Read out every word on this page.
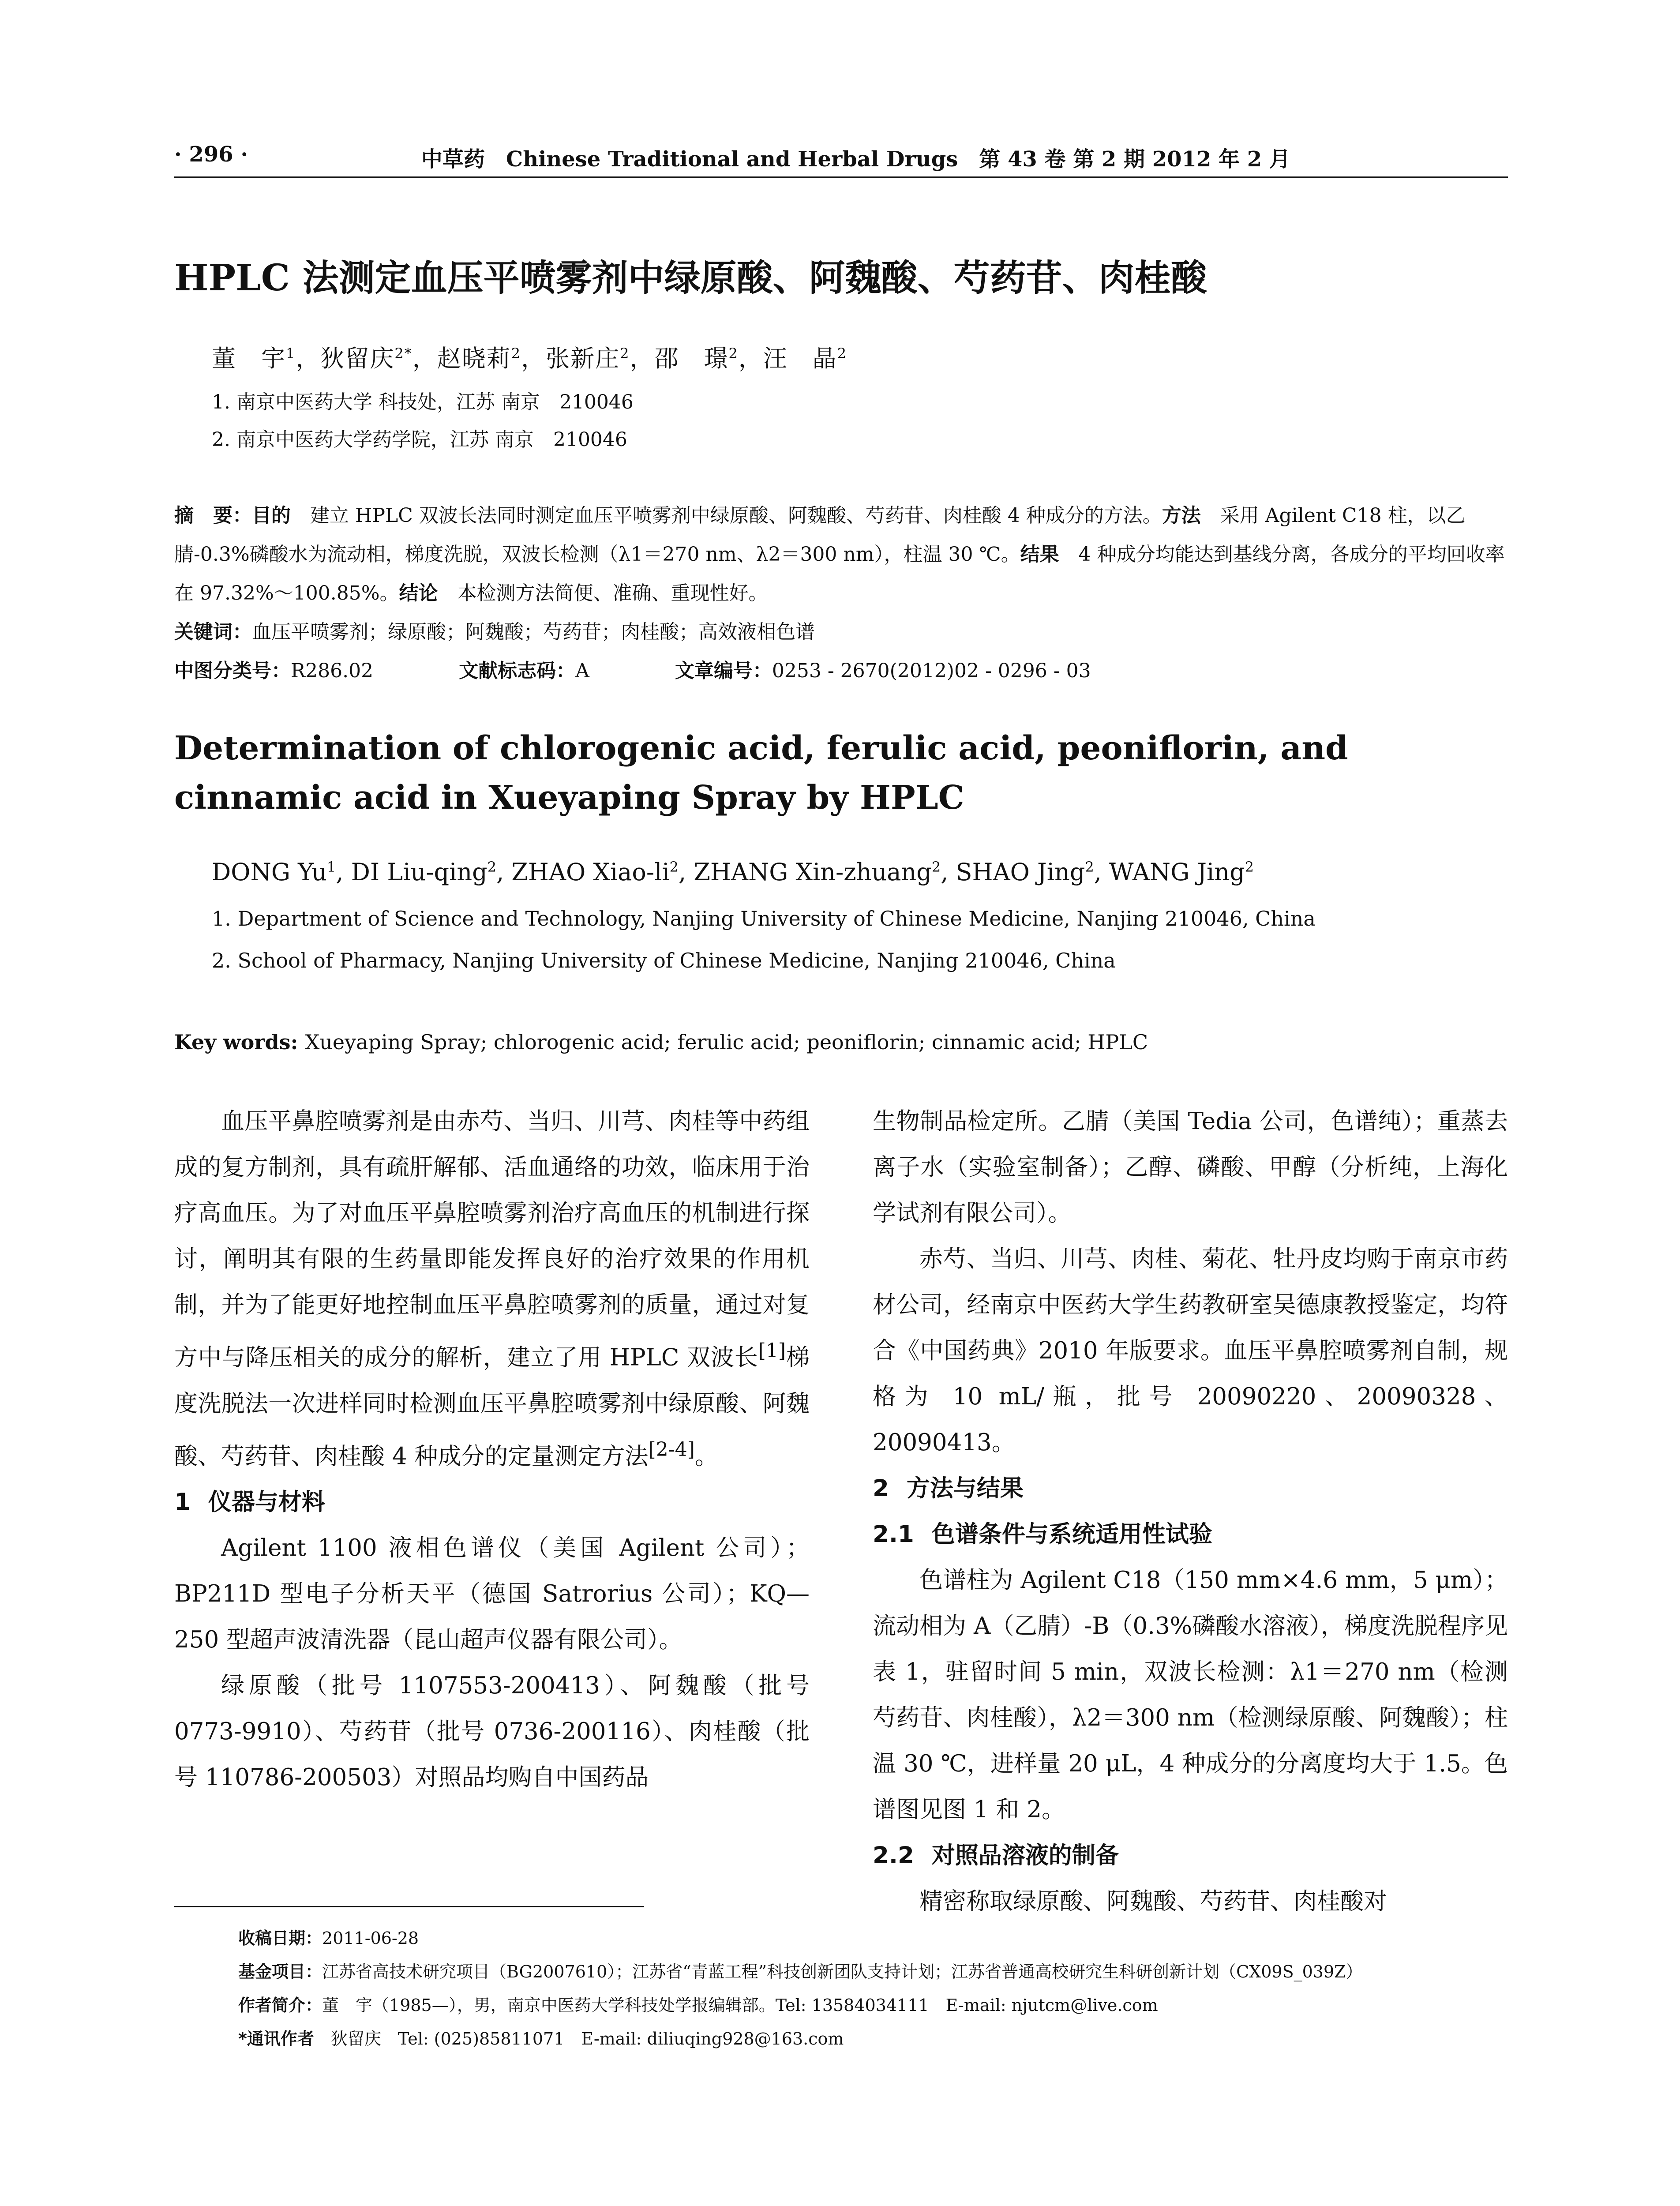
· 296 ·	中草药　Chinese Traditional and Herbal Drugs　第 43 卷 第 2 期 2012 年 2 月
HPLC 法测定血压平喷雾剂中绿原酸、阿魏酸、芍药苷、肉桂酸
董　宇$^1$，狄留庆$^{2*}$，赵晓莉$^2$，张新庄$^2$，邵　璟$^2$，汪　晶$^2$
1. 南京中医药大学 科技处，江苏 南京　210046
2. 南京中医药大学药学院，江苏 南京　210046

摘　要：目的　建立 HPLC 双波长法同时测定血压平喷雾剂中绿原酸、阿魏酸、芍药苷、肉桂酸 4 种成分的方法。方法　采用 Agilent C18 柱，以乙腈-0.3%磷酸水为流动相，梯度洗脱，双波长检测（λ1＝270 nm、λ2＝300 nm），柱温 30 ℃。结果　4 种成分均能达到基线分离，各成分的平均回收率在 97.32%～100.85%。结论　本检测方法简便、准确、重现性好。

关键词：血压平喷雾剂；绿原酸；阿魏酸；芍药苷；肉桂酸；高效液相色谱

中图分类号：R286.02	文献标志码：A	文章编号：0253 - 2670(2012)02 - 0296 - 03

Determination of chlorogenic acid, ferulic acid, peoniflorin, and cinnamic acid in Xueyaping Spray by HPLC
DONG Yu$^1$, DI Liu-qing$^2$, ZHAO Xiao-$li^2$, ZHANG Xin-zhuang$^2$, SHAO Jing$^2$, WANG Jing$^2$
1. Department of Science and Technology, Nanjing University of Chinese Medicine, Nanjing 210046, China
2. School of Pharmacy, Nanjing University of Chinese Medicine, Nanjing 210046, China
Key words: Xueyaping Spray; chlorogenic acid; ferulic acid; peoniflorin; cinnamic acid; HPLC

血压平鼻腔喷雾剂是由赤芍、当归、川芎、肉桂等中药组成的复方制剂，具有疏肝解郁、活血通络的功效，临床用于治疗高血压。为了对血压平鼻腔喷雾剂治疗高血压的机制进行探讨，阐明其有限的生药量即能发挥良好的治疗效果的作用机制，并为了能更好地控制血压平鼻腔喷雾剂的质量，通过对复方中与降压相关的成分的解析，建立了用 HPLC 双波长[1]梯度洗脱法一次进样同时检测血压平鼻腔喷雾剂中绿原酸、阿魏酸、芍药苷、肉桂酸 4 种成分的定量测定方法[2-4]。

1 仪器与材料

Agilent 1100 液相色谱仪（美国 Agilent 公司）；BP211D 型电子分析天平（德国 Satrorius 公司）；KQ—250 型超声波清洗器（昆山超声仪器有限公司）。

绿原酸（批号 1107553-200413）、阿魏酸（批号 0773-9910）、芍药苷（批号 0736-200116）、肉桂酸（批号 110786-200503）对照品均购自中国药品

生物制品检定所。乙腈（美国 Tedia 公司，色谱纯）；重蒸去离子水（实验室制备）；乙醇、磷酸、甲醇（分析纯，上海化学试剂有限公司）。

赤芍、当归、川芎、肉桂、菊花、牡丹皮均购于南京市药材公司，经南京中医药大学生药教研室吴德康教授鉴定，均符合《中国药典》2010 年版要求。血压平鼻腔喷雾剂自制，规格为 10 mL/瓶，批号 20090220、20090328、20090413。

2 方法与结果
2.1 色谱条件与系统适用性试验

色谱柱为 Agilent C18（150 mm×4.6 mm，5 μm）；流动相为 A（乙腈）-B（0.3%磷酸水溶液），梯度洗脱程序见表 1，驻留时间 5 min，双波长检测：λ1＝270 nm（检测芍药苷、肉桂酸），λ2＝300 nm（检测绿原酸、阿魏酸）；柱温 30 ℃，进样量 20 μL，4 种成分的分离度均大于 1.5。色谱图见图 1 和 2。

2.2 对照品溶液的制备

精密称取绿原酸、阿魏酸、芍药苷、肉桂酸对

收稿日期：2011-06-28

基金项目：江苏省高技术研究项目（BG2007610）；江苏省“青蓝工程”科技创新团队支持计划；江苏省普通高校研究生科研创新计划（CX09S_039Z）

作者简介：董　宇（1985—），男，南京中医药大学科技处学报编辑部。Tel: 13584034111　E-mail: njutcm@live.com

*通讯作者　狄留庆　Tel: (025)85811071　E-mail: diliuqing928@163.com
